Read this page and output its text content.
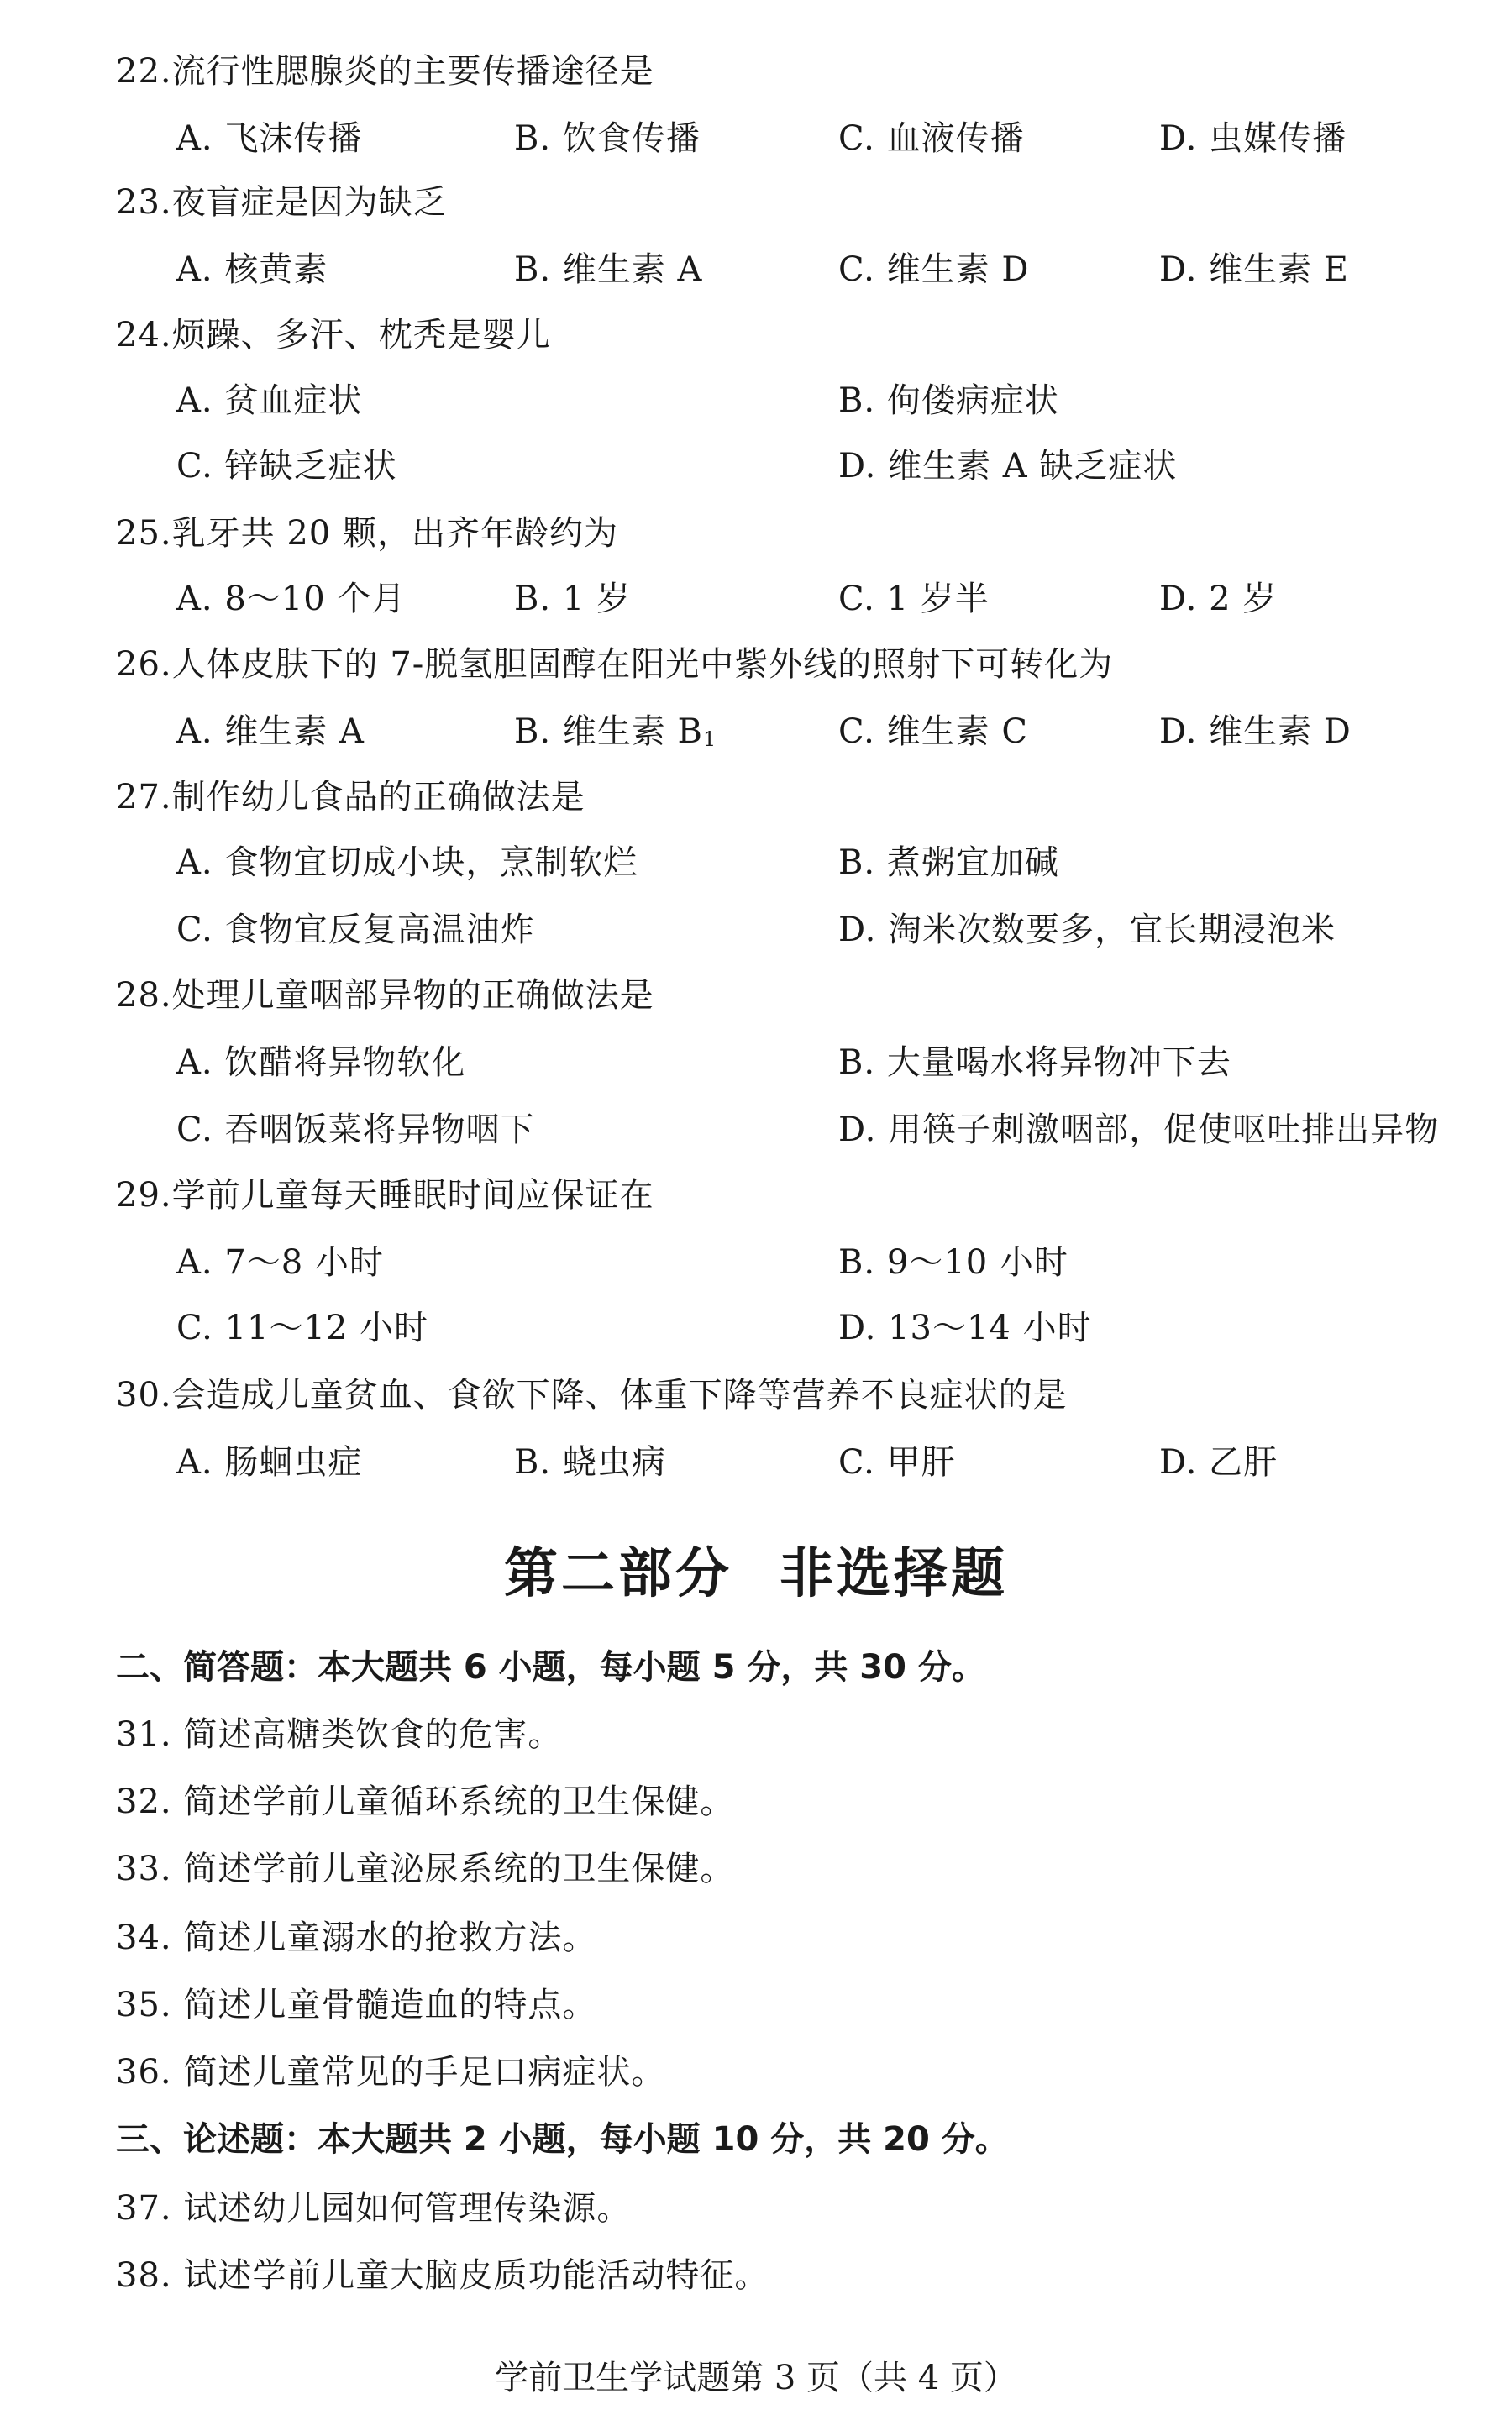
22.流行性腮腺炎的主要传播途径是
A. 飞沫传播	B. 饮食传播	C. 血液传播	D. 虫媒传播
23.夜盲症是因为缺乏
A. 核黄素	B. 维生素 A	C. 维生素 D	D. 维生素 E
24.烦躁、多汗、枕秃是婴儿
A. 贫血症状	B. 佝偻病症状
C. 锌缺乏症状	D. 维生素 A 缺乏症状
25.乳牙共 20 颗，出齐年龄约为
A. 8～10 个月	B. 1 岁	C. 1 岁半	D. 2 岁
26.人体皮肤下的 7-脱氢胆固醇在阳光中紫外线的照射下可转化为
A. 维生素 A	B. 维生素 $B_1$	C. 维生素 C	D. 维生素 D
27.制作幼儿食品的正确做法是
A. 食物宜切成小块，烹制软烂	B. 煮粥宜加碱
C. 食物宜反复高温油炸	D. 淘米次数要多，宜长期浸泡米
28.处理儿童咽部异物的正确做法是
A. 饮醋将异物软化	B. 大量喝水将异物冲下去
C. 吞咽饭菜将异物咽下	D. 用筷子刺激咽部，促使呕吐排出异物
29.学前儿童每天睡眠时间应保证在
A. 7～8 小时	B. 9～10 小时
C. 11～12 小时	D. 13～14 小时
30.会造成儿童贫血、食欲下降、体重下降等营养不良症状的是
A. 肠蛔虫症	B. 蛲虫病	C. 甲肝	D. 乙肝
第二部分 非选择题
二、简答题：本大题共 6 小题，每小题 5 分，共 30 分。
31. 简述高糖类饮食的危害。
32. 简述学前儿童循环系统的卫生保健。
33. 简述学前儿童泌尿系统的卫生保健。
34. 简述儿童溺水的抢救方法。
35. 简述儿童骨髓造血的特点。
36. 简述儿童常见的手足口病症状。
三、论述题：本大题共 2 小题，每小题 10 分，共 20 分。
37. 试述幼儿园如何管理传染源。
38. 试述学前儿童大脑皮质功能活动特征。
学前卫生学试题第 3 页（共 4 页）
